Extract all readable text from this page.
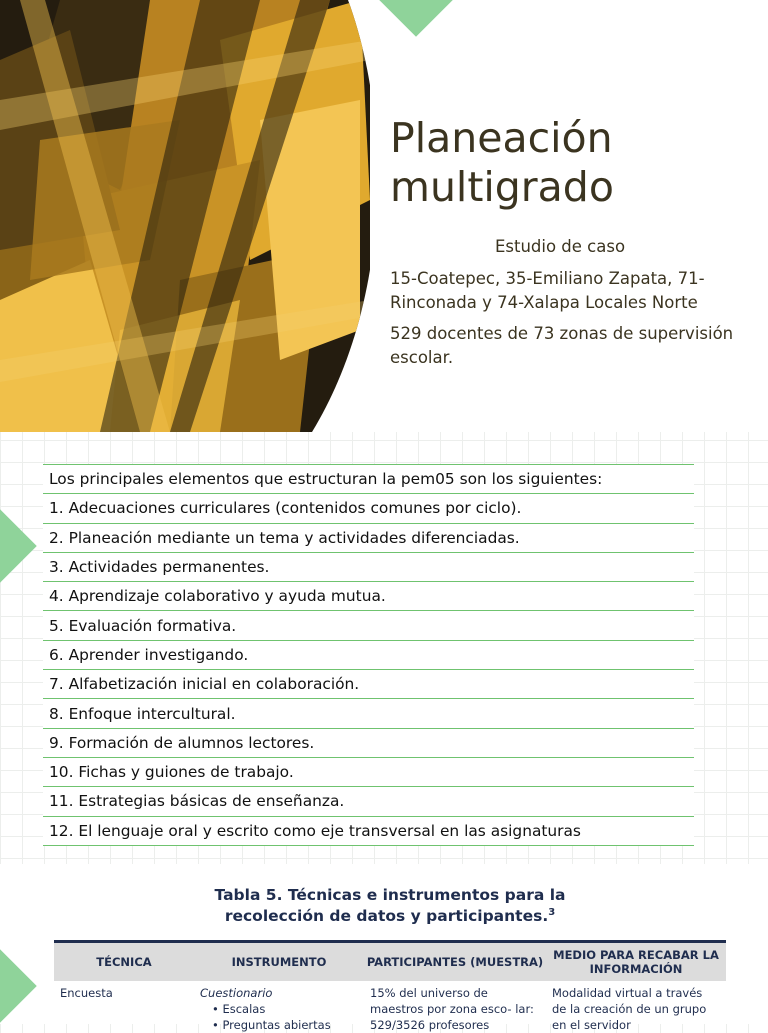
Planeación
multigrado
Estudio de caso

15-Coatepec, 35-Emiliano Zapata, 71-Rinconada y 74-Xalapa Locales Norte

529 docentes de 73 zonas de supervisión escolar.

Los principales elementos que estructuran la pem05 son los siguientes:
1. Adecuaciones curriculares (contenidos comunes por ciclo).
2. Planeación mediante un tema y actividades diferenciadas.
3. Actividades permanentes.
4. Aprendizaje colaborativo y ayuda mutua.
5. Evaluación formativa.
6. Aprender investigando.
7. Alfabetización inicial en colaboración.
8. Enfoque intercultural.
9. Formación de alumnos lectores.
10. Fichas y guiones de trabajo.
11. Estrategias básicas de enseñanza.
12. El lenguaje oral y escrito como eje transversal en las asignaturas
Tabla 5. Técnicas e instrumentos para la
recolección de datos y participantes.$^3$
TÉCNICA	INSTRUMENTO	PARTICIPANTES (MUESTRA)	MEDIO PARA RECABAR LA INFORMACIÓN
Encuesta	Cuestionario
• Escalas
• Preguntas abiertas	15% del universo de maestros por zona esco- lar: 529/3526 profesores	Modalidad virtual a través de la creación de un grupo en el servidor
